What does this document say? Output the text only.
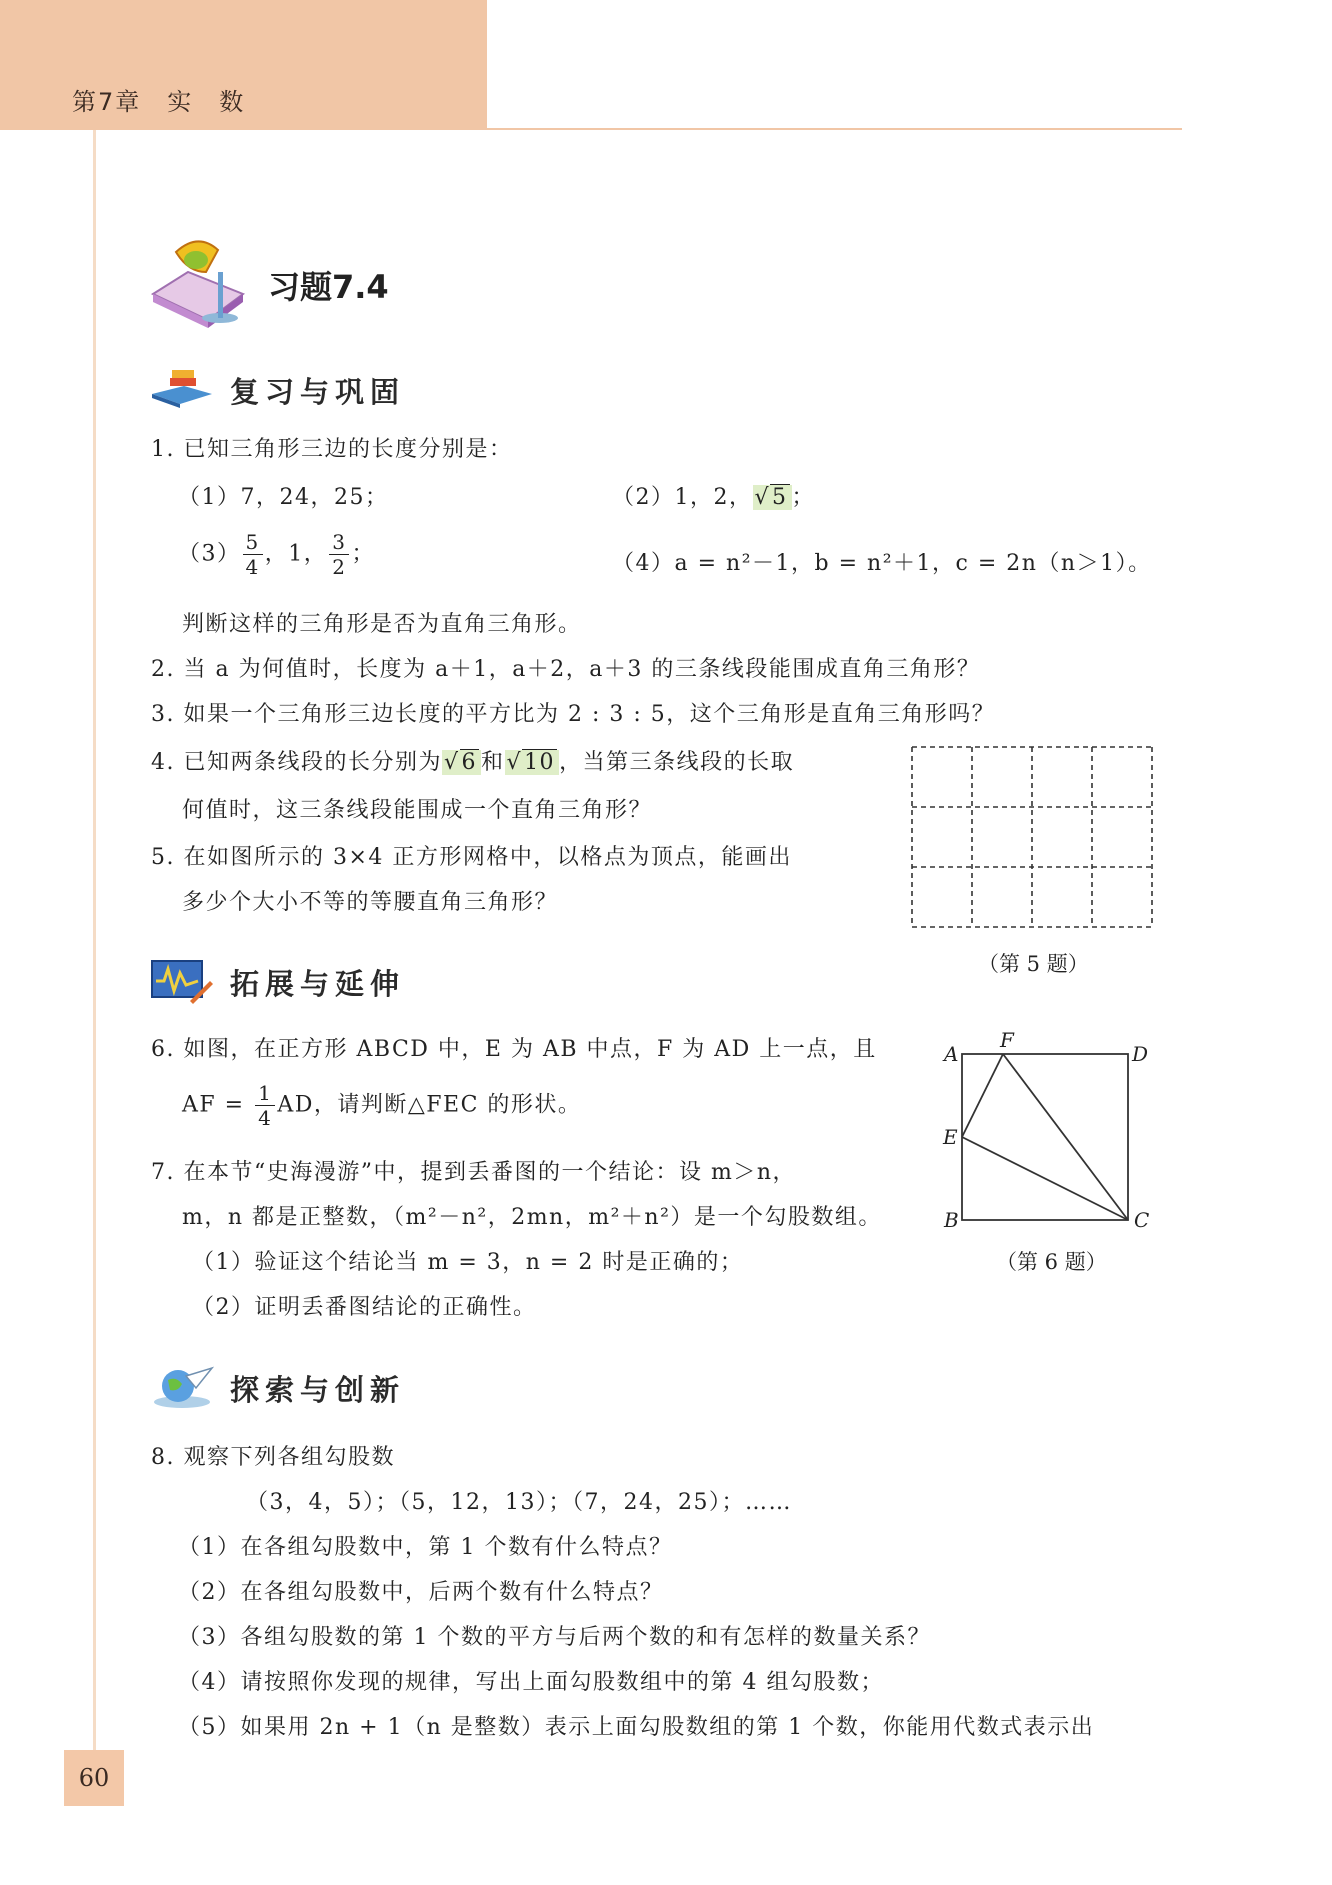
第7章　实　数
习题7.4
复习与巩固
1. 已知三角形三边的长度分别是：
（1）7，24，25；	（2）1，2，√5 ；
$(3) \frac{5}{4}$ ，1， $\frac{3}{2}$ ；	（4）a = n²－1，b = n²＋1，c = 2n（n＞1）。
判断这样的三角形是否为直角三角形。
2. 当 a 为何值时，长度为 a＋1，a＋2，a＋3 的三条线段能围成直角三角形？
3. 如果一个三角形三边长度的平方比为 2 : 3 : 5，这个三角形是直角三角形吗？
4. 已知两条线段的长分别为√6 和√10 ，当第三条线段的长取
何值时，这三条线段能围成一个直角三角形？
5. 在如图所示的 3×4 正方形网格中，以格点为顶点，能画出
多少个大小不等的等腰直角三角形？
（第 5 题）
拓展与延伸
6. 如图，在正方形 ABCD 中，E 为 AB 中点，F 为 AD 上一点，且
AF = $\frac{1}{4}$ AD，请判断△FEC 的形状。
A
F
D
E
B	C
（第 6 题）
7. 在本节“史海漫游”中，提到丢番图的一个结论：设 m＞n，
m，n 都是正整数，（m²－n²，2mn，m²＋n²）是一个勾股数组。
（1）验证这个结论当 m = 3，n = 2 时是正确的；
（2）证明丢番图结论的正确性。
探索与创新
8. 观察下列各组勾股数
（3，4，5）；（5，12，13）；（7，24，25）；……
（1）在各组勾股数中，第 1 个数有什么特点？
（2）在各组勾股数中，后两个数有什么特点？
（3）各组勾股数的第 1 个数的平方与后两个数的和有怎样的数量关系？
（4）请按照你发现的规律，写出上面勾股数组中的第 4 组勾股数；
（5）如果用 2n + 1（n 是整数）表示上面勾股数组的第 1 个数，你能用代数式表示出
60
